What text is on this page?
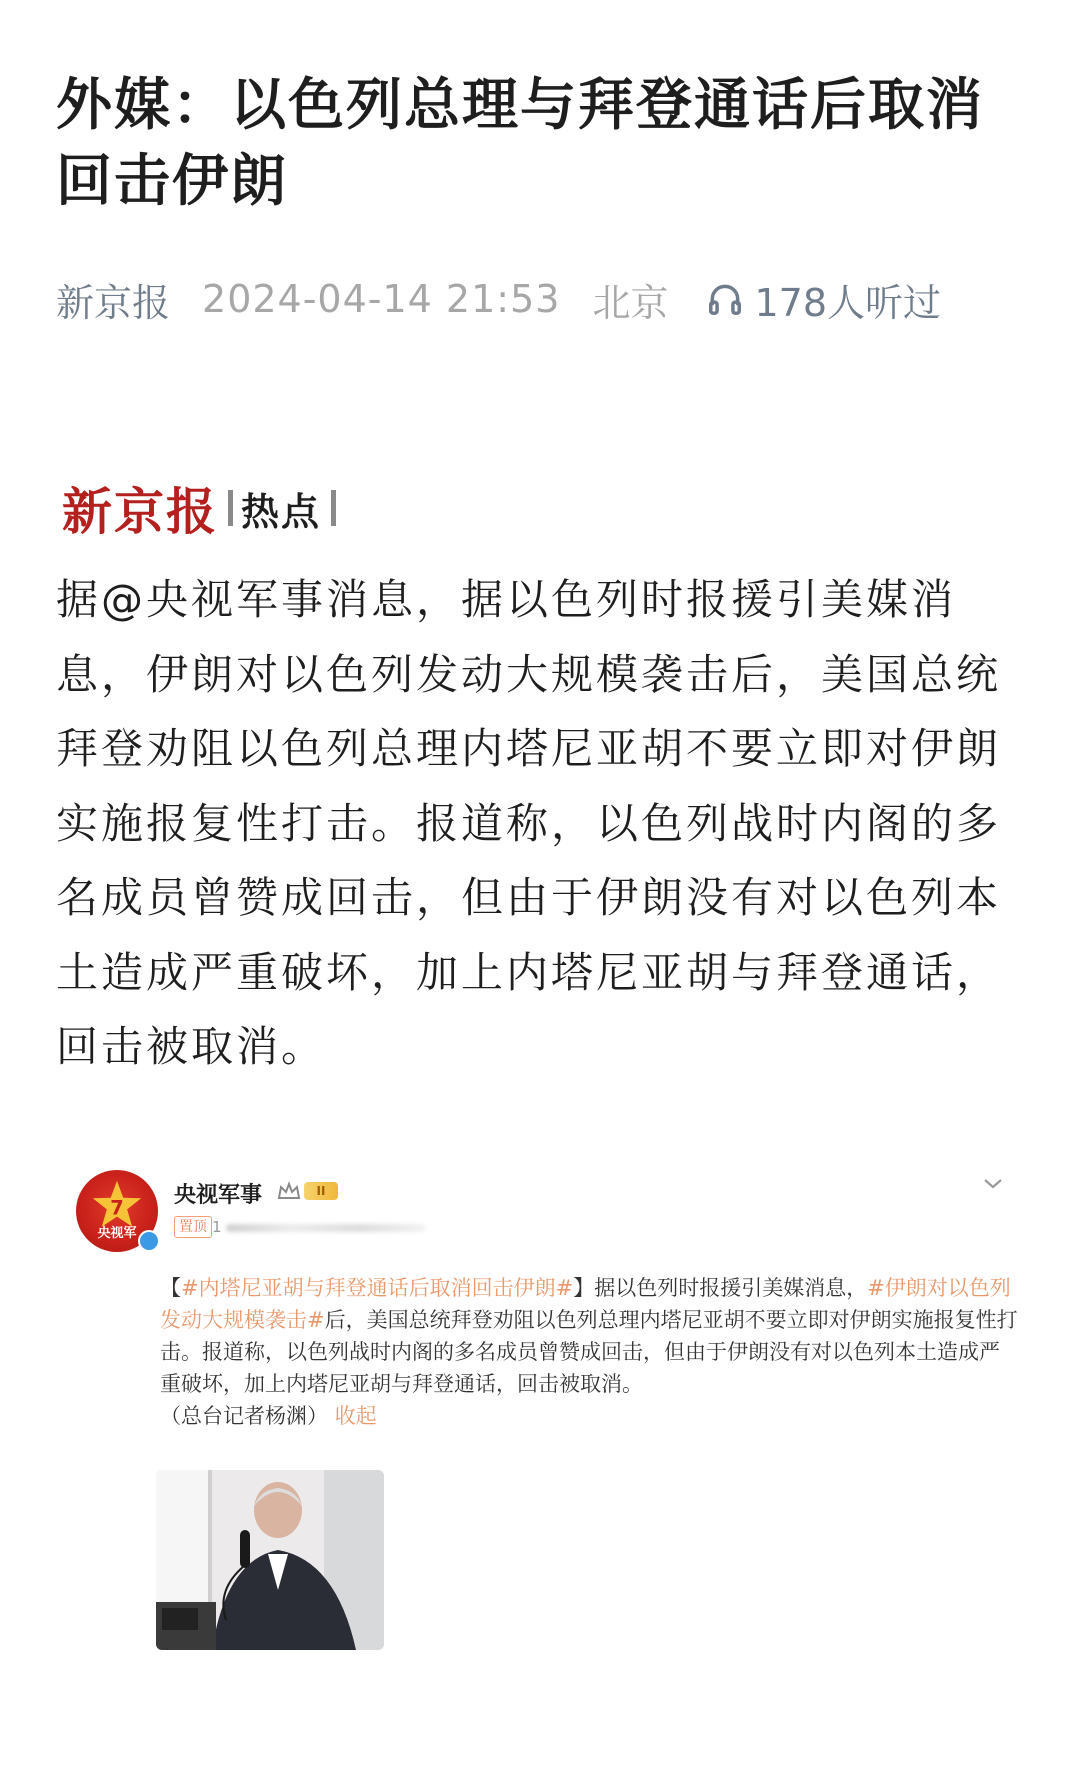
外媒：以色列总理与拜登通话后取消回击伊朗
新京报 2024-04-14 21:53 北京 178人听过
新京报 热点

据@央视军事消息，据以色列时报援引美媒消息，伊朗对以色列发动大规模袭击后，美国总统拜登劝阻以色列总理内塔尼亚胡不要立即对伊朗实施报复性打击。报道称，以色列战时内阁的多名成员曾赞成回击，但由于伊朗没有对以色列本土造成严重破坏，加上内塔尼亚胡与拜登通话，回击被取消。

7
央视军
央视军事	II
置顶 1
【#内塔尼亚胡与拜登通话后取消回击伊朗#】据以色列时报援引美媒消息，#伊朗对以色列发动大规模袭击#后，美国总统拜登劝阻以色列总理内塔尼亚胡不要立即对伊朗实施报复性打击。报道称，以色列战时内阁的多名成员曾赞成回击，但由于伊朗没有对以色列本土造成严重破坏，加上内塔尼亚胡与拜登通话，回击被取消。
（总台记者杨渊） 收起
